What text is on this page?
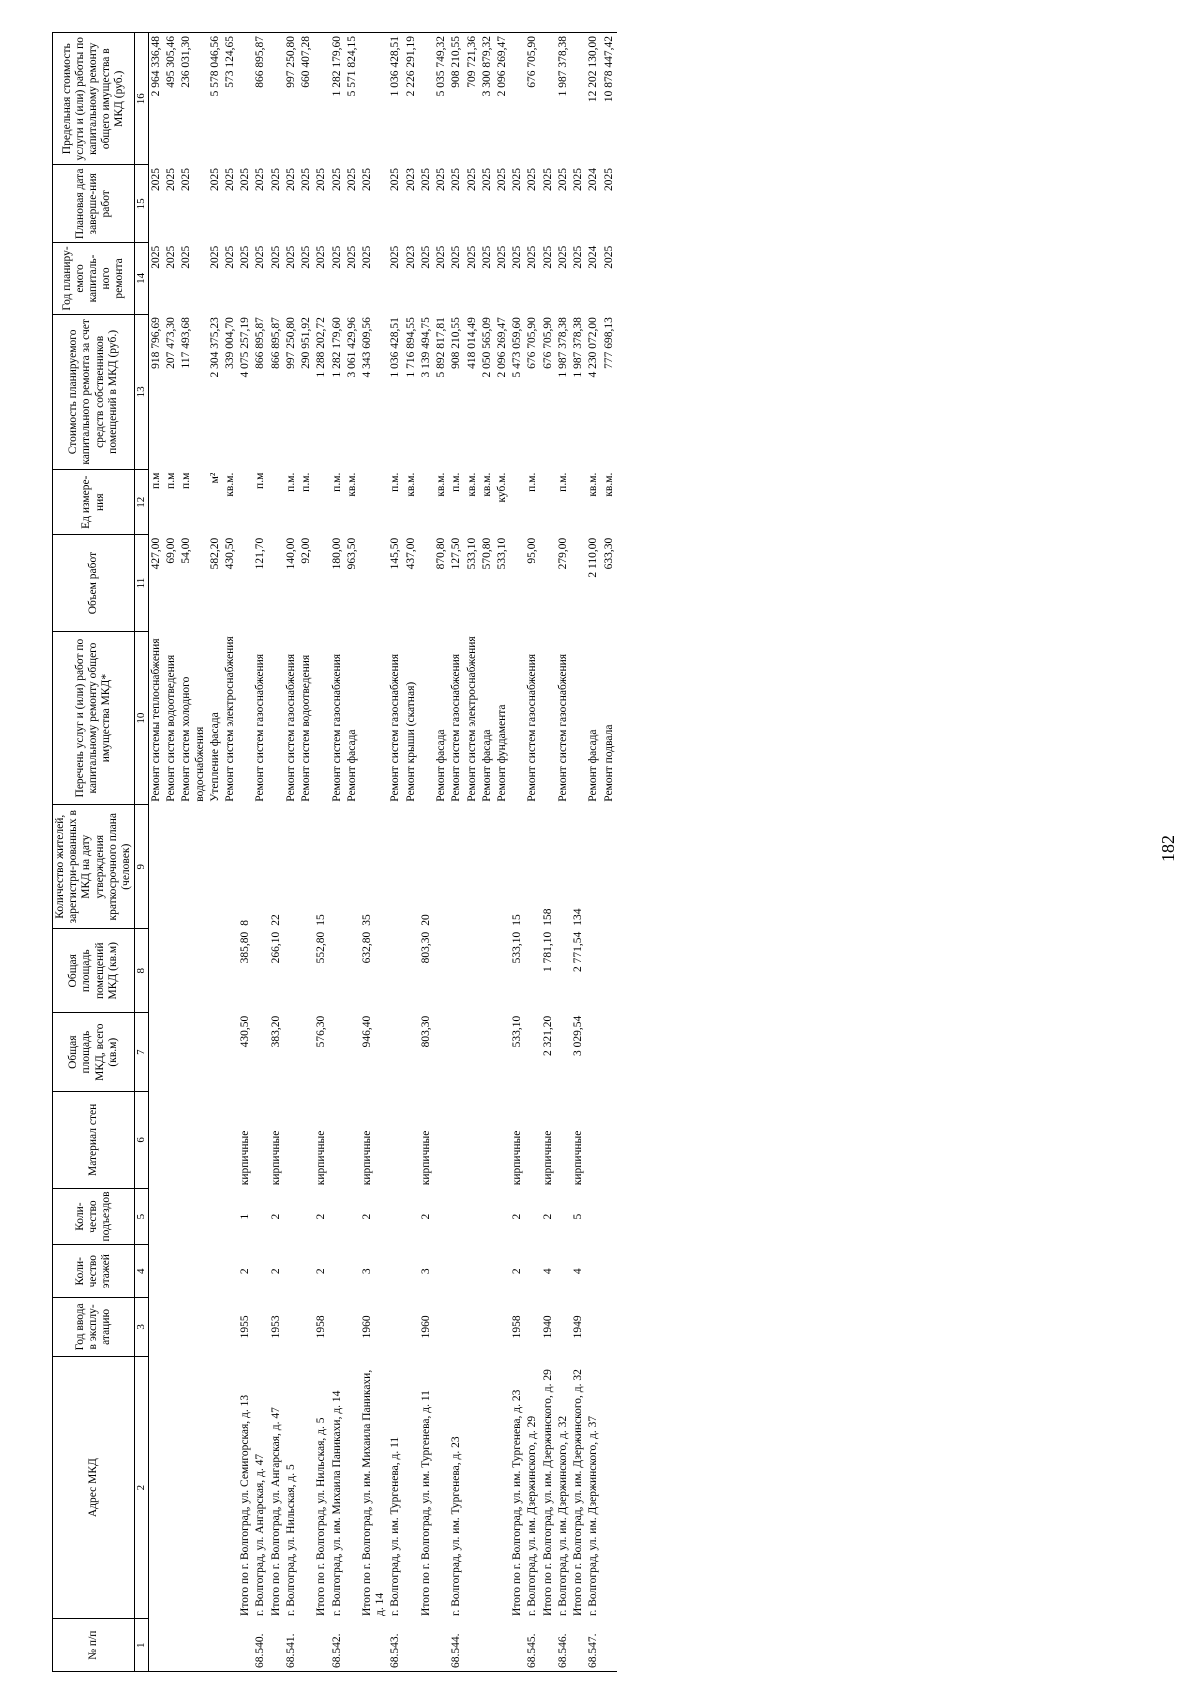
182
№ п/п	Адрес МКД	Год ввода в эксплу-атацию	Коли-чество этажей	Коли-чество подъездов	Материал стен	Общая площадь МКД, всего (кв.м)	Общая площадь помещений МКД (кв.м)	Количество жителей, зарегистри-рованных в МКД на дату утверждения краткосрочного плана (человек)	Перечень услуг и (или) работ по капитальному ремонту общего имущества МКД*	Объем работ	Ед измере-ния	Стоимость планируемого капитального ремонта за счет средств собственников помещений в МКД (руб.)	Год планиру-емого капиталь-ного ремонта	Плановая дата заверше-ния работ	Предельная стоимость услуги и (или) работы по капитальному ремонту общего имущества в МКД (руб.)
1	2	3	4	5	6	7	8	9	10	11	12	13	14	15	16
									Ремонт системы теплоснабжения	427,00	п.м	918 796,69	2025	2025	2 964 336,48
									Ремонт систем водоотведения	69,00	п.м	207 473,30	2025	2025	495 305,46
									Ремонт систем холодного водоснабжения	54,00	п.м	117 493,68	2025	2025	236 031,30
									Утепление фасада	582,20	м²	2 304 375,23	2025	2025	5 578 046,56
									Ремонт систем электроснабжения	430,50	кв.м.	339 004,70	2025	2025	573 124,65
	Итого по г. Волгоград, ул. Семигорская, д. 13	1955	2	1	кирпичные	430,50	385,80	8				4 075 257,19	2025	2025	
68.540.	г. Волгоград, ул. Ангарская, д. 47								Ремонт систем газоснабжения	121,70	п.м	866 895,87	2025	2025	866 895,87
	Итого по г. Волгоград, ул. Ангарская, д. 47	1953	2	2	кирпичные	383,20	266,10	22				866 895,87	2025	2025	
68.541.	г. Волгоград, ул. Нильская, д. 5								Ремонт систем газоснабжения	140,00	п.м.	997 250,80	2025	2025	997 250,80
									Ремонт систем водоотведения	92,00	п.м.	290 951,92	2025	2025	660 407,28
	Итого по г. Волгоград, ул. Нильская, д. 5	1958	2	2	кирпичные	576,30	552,80	15				1 288 202,72	2025	2025	
68.542.	г. Волгоград, ул. им. Михаила Паникахи, д. 14								Ремонт систем газоснабжения	180,00	п.м.	1 282 179,60	2025	2025	1 282 179,60
									Ремонт фасада	963,50	кв.м.	3 061 429,96	2025	2025	5 571 824,15
	Итого по г. Волгоград, ул. им. Михаила Паникахи, д. 14	1960	3	2	кирпичные	946,40	632,80	35				4 343 609,56	2025	2025	
68.543.	г. Волгоград, ул. им. Тургенева, д. 11								Ремонт систем газоснабжения	145,50	п.м.	1 036 428,51	2025	2025	1 036 428,51
									Ремонт крыши (скатная)	437,00	кв.м.	1 716 894,55	2023	2023	2 226 291,19
	Итого по г. Волгоград, ул. им. Тургенева, д. 11	1960	3	2	кирпичные	803,30	803,30	20				3 139 494,75	2025	2025	
									Ремонт фасада	870,80	кв.м.	5 892 817,81	2025	2025	5 035 749,32
68.544.	г. Волгоград, ул. им. Тургенева, д. 23								Ремонт систем газоснабжения	127,50	п.м.	908 210,55	2025	2025	908 210,55
									Ремонт систем электроснабжения	533,10	кв.м.	418 014,49	2025	2025	709 721,36
									Ремонт фасада	570,80	кв.м.	2 050 565,09	2025	2025	3 300 879,32
									Ремонт фундамента	533,10	куб.м.	2 096 269,47	2025	2025	2 096 269,47
	Итого по г. Волгоград, ул. им. Тургенева, д. 23	1958	2	2	кирпичные	533,10	533,10	15				5 473 059,60	2025	2025	
68.545.	г. Волгоград, ул. им. Дзержинского, д. 29								Ремонт систем газоснабжения	95,00	п.м.	676 705,90	2025	2025	676 705,90
	Итого по г. Волгоград, ул. им. Дзержинского, д. 29	1940	4	2	кирпичные	2 321,20	1 781,10	158				676 705,90	2025	2025	
68.546.	г. Волгоград, ул. им. Дзержинского, д. 32								Ремонт систем газоснабжения	279,00	п.м.	1 987 378,38	2025	2025	1 987 378,38
	Итого по г. Волгоград, ул. им. Дзержинского, д. 32	1949	4	5	кирпичные	3 029,54	2 771,54	134				1 987 378,38	2025	2025	
68.547.	г. Волгоград, ул. им. Дзержинского, д. 37								Ремонт фасада	2 110,00	кв.м.	4 230 072,00	2024	2024	12 202 130,00
									Ремонт подвала	633,30	кв.м.	777 698,13	2025	2025	10 878 447,42
